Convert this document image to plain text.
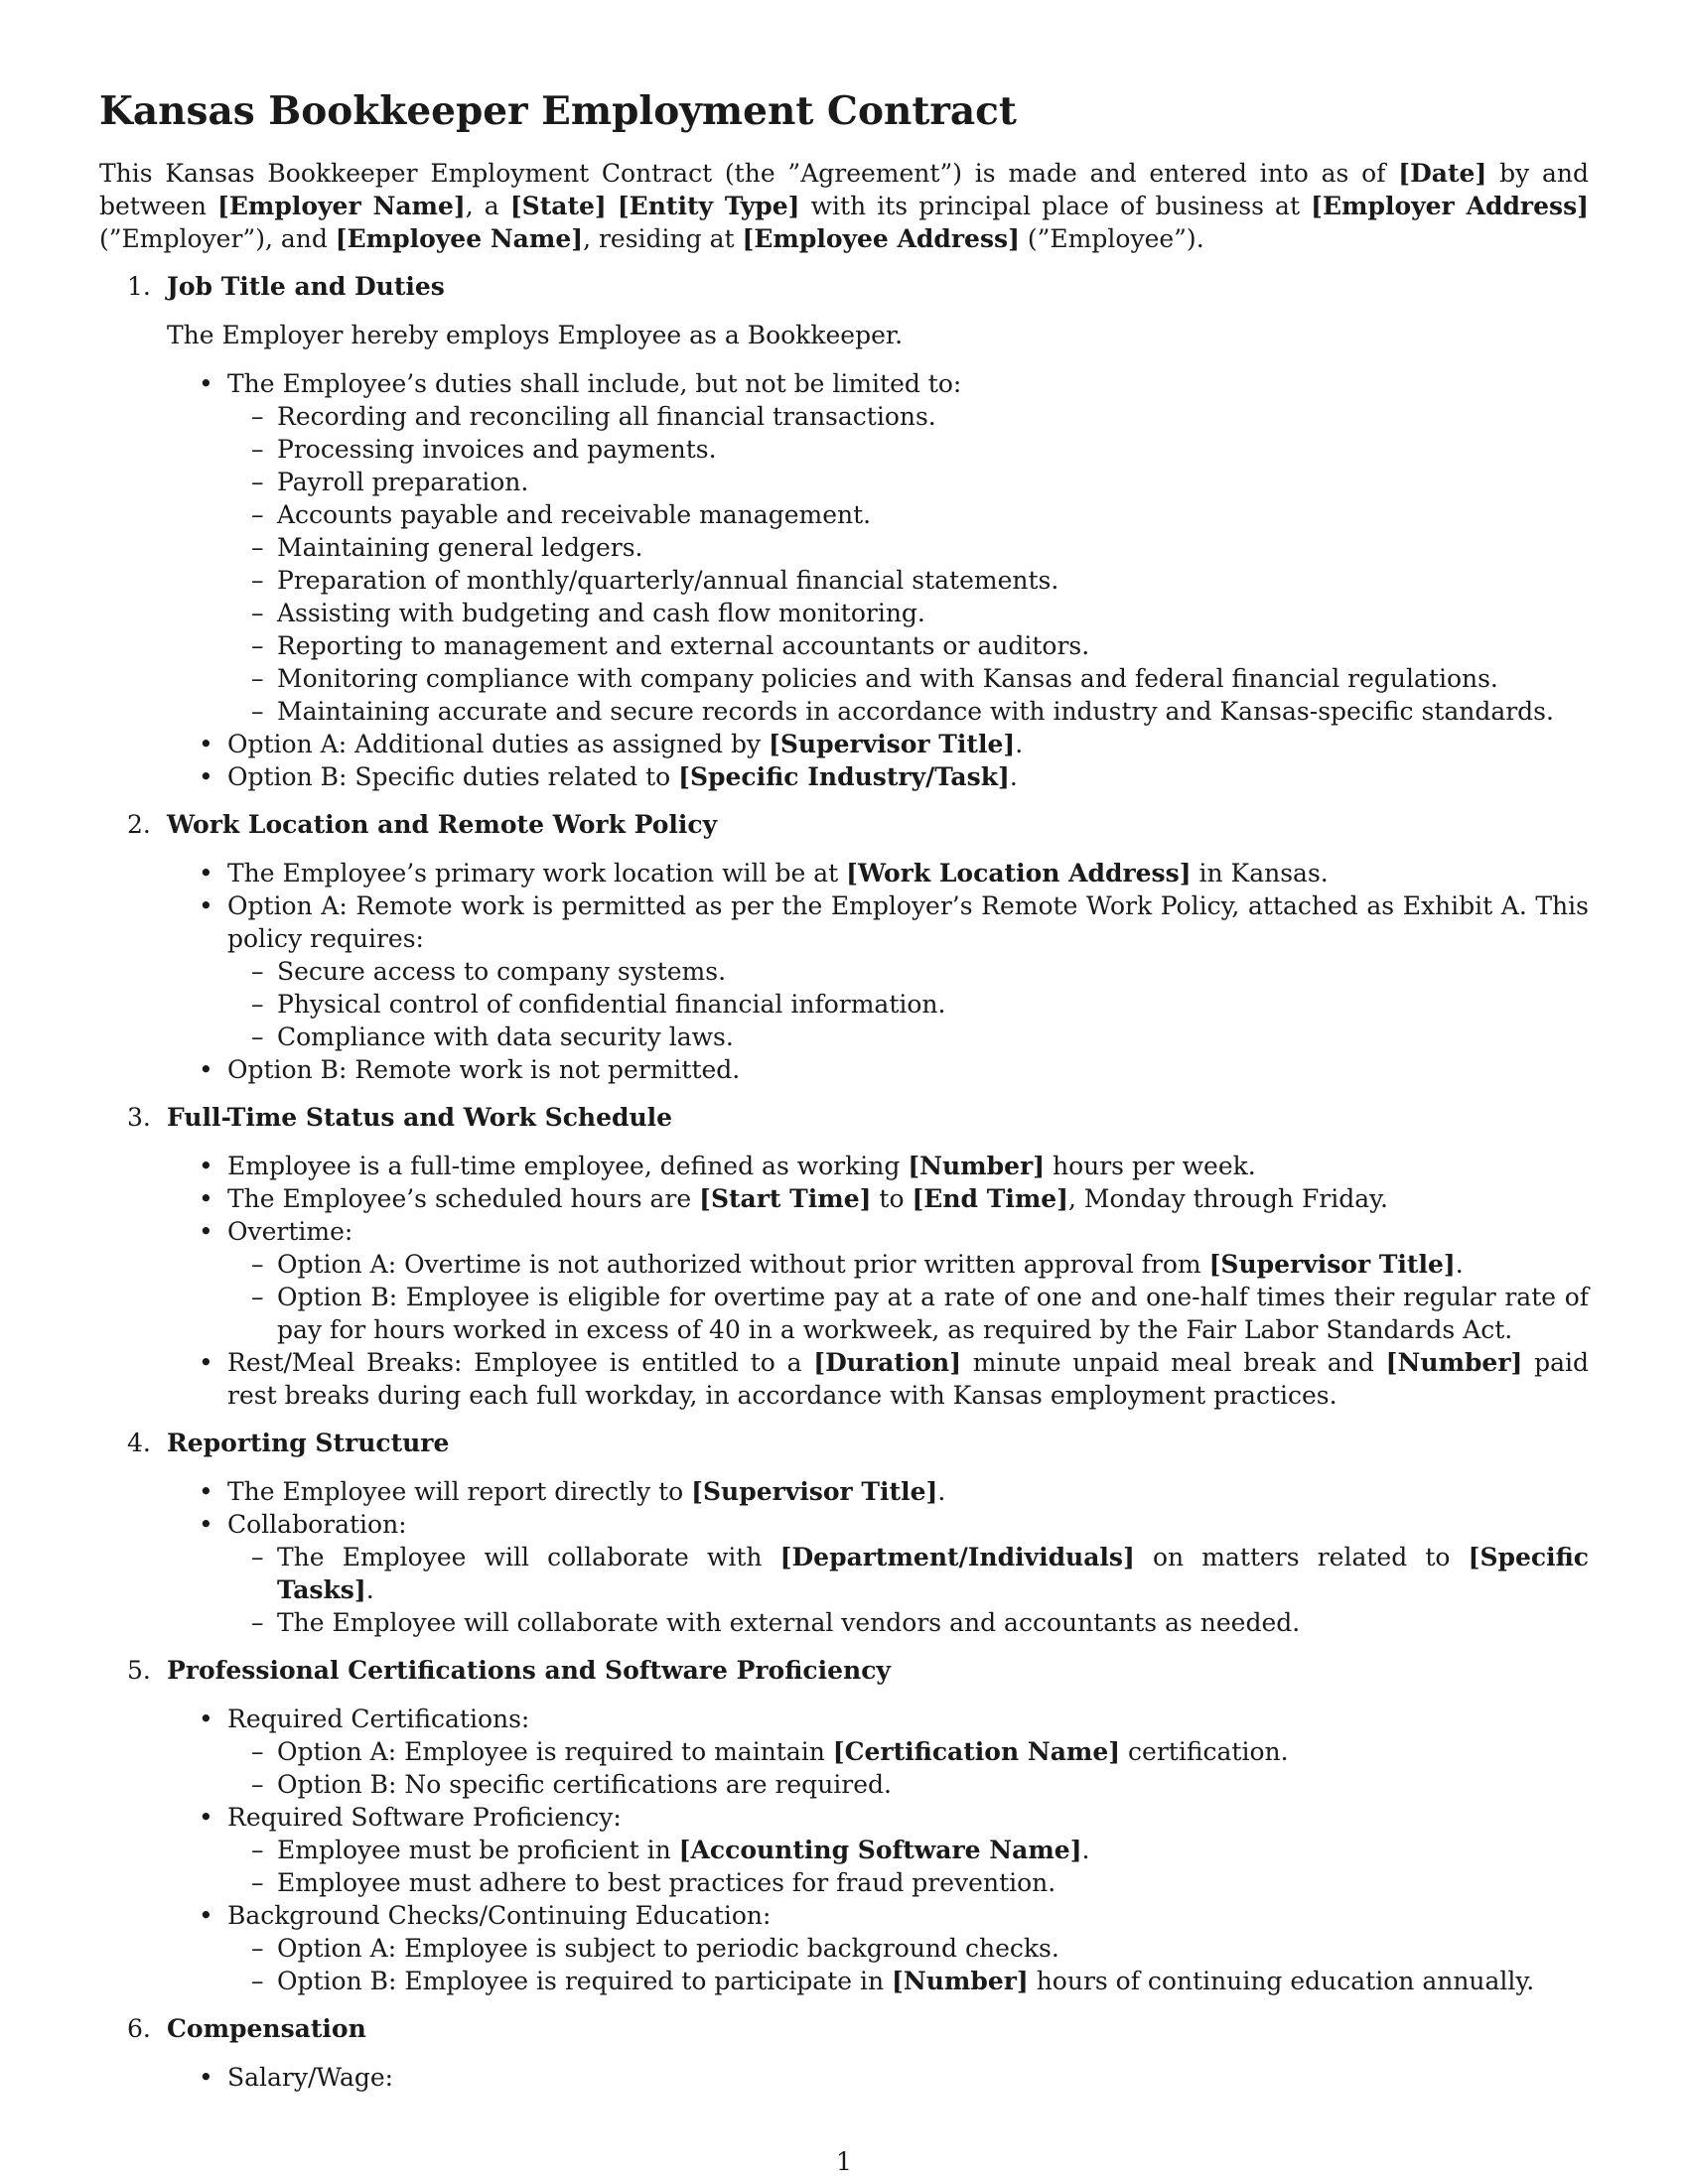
Kansas Bookkeeper Employment Contract

This Kansas Bookkeeper Employment Contract (the ”Agreement”) is made and entered into as of [Date] by and between [Employer Name], a [State] [Entity Type] with its principal place of business at [Employer Address] (”Employer”), and [Employee Name], residing at [Employee Address] (”Employee”).

1. Job Title and Duties

The Employer hereby employs Employee as a Bookkeeper.

• The Employee’s duties shall include, but not be limited to:
– Recording and reconciling all financial transactions.
– Processing invoices and payments.
– Payroll preparation.
– Accounts payable and receivable management.
– Maintaining general ledgers.
– Preparation of monthly/quarterly/annual financial statements.
– Assisting with budgeting and cash flow monitoring.
– Reporting to management and external accountants or auditors.
– Monitoring compliance with company policies and with Kansas and federal financial regulations.
– Maintaining accurate and secure records in accordance with industry and Kansas-specific standards.
• Option A: Additional duties as assigned by [Supervisor Title].
• Option B: Specific duties related to [Specific Industry/Task].
2. Work Location and Remote Work Policy
• The Employee’s primary work location will be at [Work Location Address] in Kansas.
• Option A: Remote work is permitted as per the Employer’s Remote Work Policy, attached as Exhibit A. This policy requires:
– Secure access to company systems.
– Physical control of confidential financial information.
– Compliance with data security laws.
• Option B: Remote work is not permitted.
3. Full-Time Status and Work Schedule
• Employee is a full-time employee, defined as working [Number] hours per week.
• The Employee’s scheduled hours are [Start Time] to [End Time], Monday through Friday.
• Overtime:
– Option A: Overtime is not authorized without prior written approval from [Supervisor Title].
– Option B: Employee is eligible for overtime pay at a rate of one and one-half times their regular rate of pay for hours worked in excess of 40 in a workweek, as required by the Fair Labor Standards Act.
• Rest/Meal Breaks: Employee is entitled to a [Duration] minute unpaid meal break and [Number] paid rest breaks during each full workday, in accordance with Kansas employment practices.
4. Reporting Structure
• The Employee will report directly to [Supervisor Title].
• Collaboration:
– The Employee will collaborate with [Department/Individuals] on matters related to [Specific Tasks].
– The Employee will collaborate with external vendors and accountants as needed.
5. Professional Certifications and Software Proficiency
• Required Certifications:
– Option A: Employee is required to maintain [Certification Name] certification.
– Option B: No specific certifications are required.
• Required Software Proficiency:
– Employee must be proficient in [Accounting Software Name].
– Employee must adhere to best practices for fraud prevention.
• Background Checks/Continuing Education:
– Option A: Employee is subject to periodic background checks.
– Option B: Employee is required to participate in [Number] hours of continuing education annually.
6. Compensation
• Salary/Wage:
1
